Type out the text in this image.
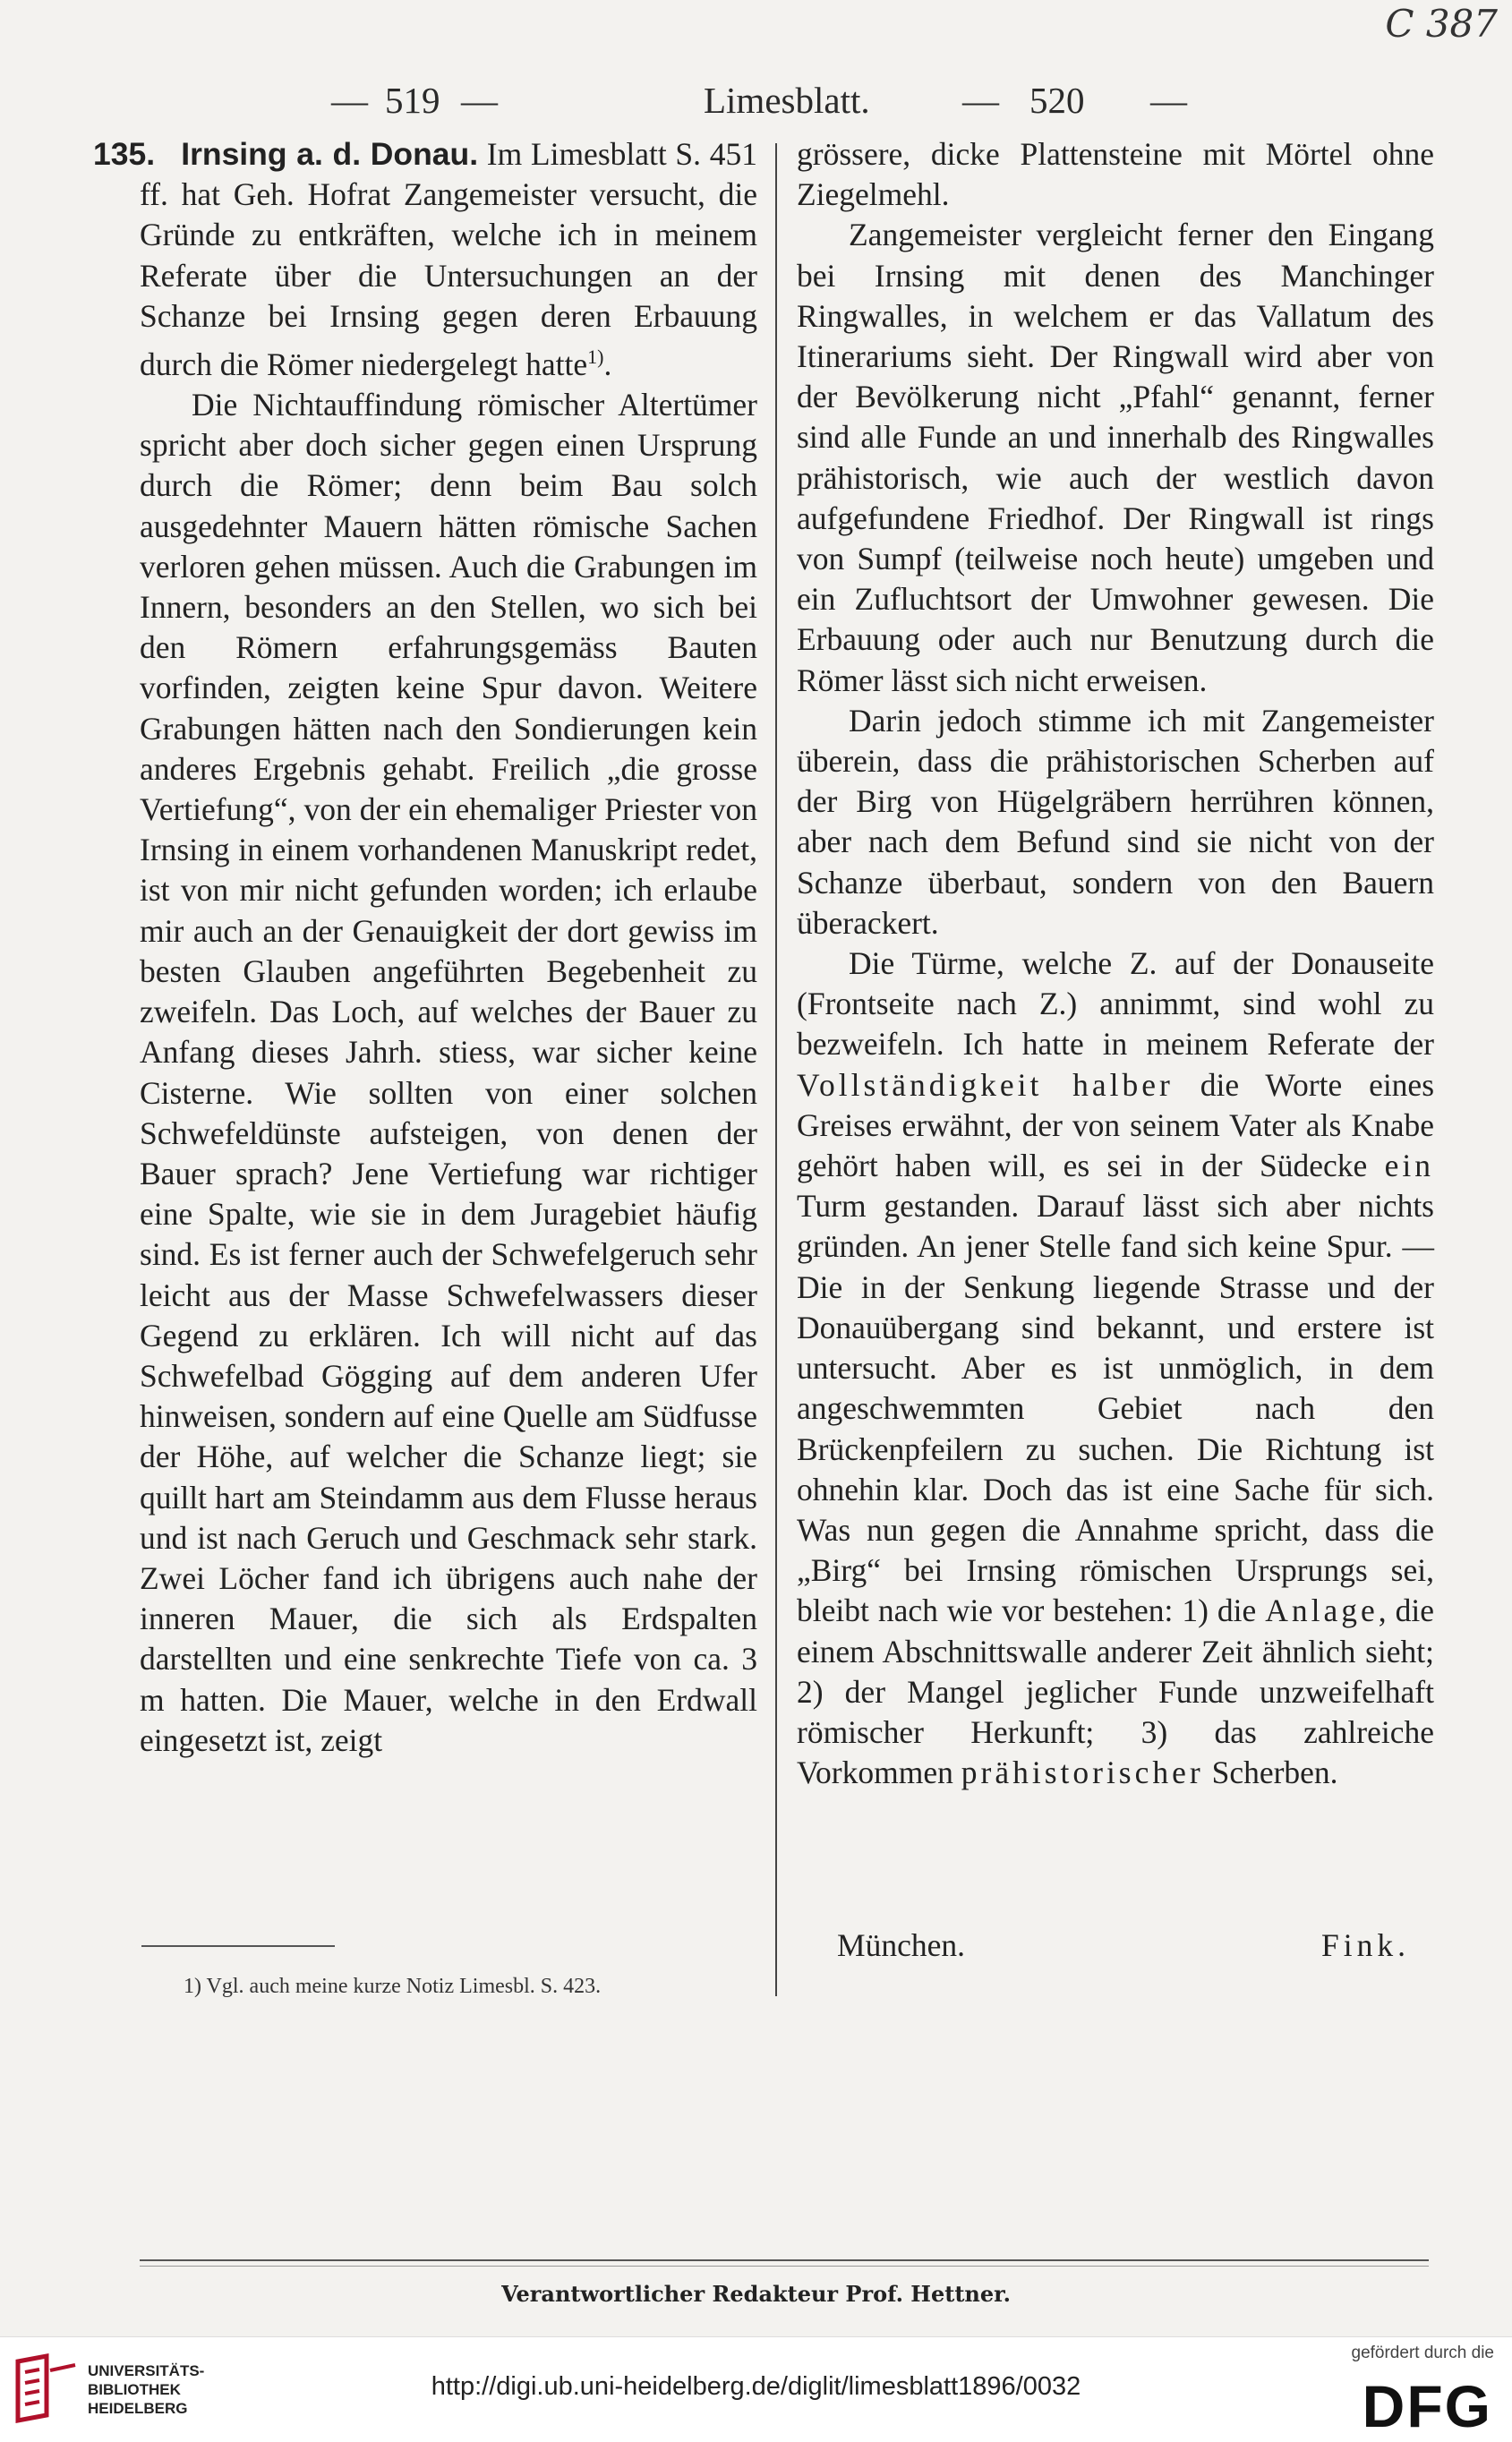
C 387
— 519 —	Limesblatt.	— 520 —

135. Irnsing a. d. Donau. Im Limesblatt S. 451 ff. hat Geh. Hofrat Zangemeister versucht, die Gründe zu entkräften, welche ich in meinem Referate über die Untersuchungen an der Schanze bei Irnsing gegen deren Erbauung durch die Römer niedergelegt hatte$^{1)}$.

Die Nichtauffindung römischer Altertümer spricht aber doch sicher gegen einen Ursprung durch die Römer; denn beim Bau solch ausgedehnter Mauern hätten römische Sachen verloren gehen müssen. Auch die Grabungen im Innern, besonders an den Stellen, wo sich bei den Römern erfahrungsgemäss Bauten vorfinden, zeigten keine Spur davon. Weitere Grabungen hätten nach den Sondierungen kein anderes Ergebnis gehabt. Freilich „die grosse Vertiefung“, von der ein ehemaliger Priester von Irnsing in einem vorhandenen Manuskript redet, ist von mir nicht gefunden worden; ich erlaube mir auch an der Genauigkeit der dort gewiss im besten Glauben angeführten Begebenheit zu zweifeln. Das Loch, auf welches der Bauer zu Anfang dieses Jahrh. stiess, war sicher keine Cisterne. Wie sollten von einer solchen Schwefeldünste aufsteigen, von denen der Bauer sprach? Jene Vertiefung war richtiger eine Spalte, wie sie in dem Juragebiet häufig sind. Es ist ferner auch der Schwefelgeruch sehr leicht aus der Masse Schwefelwassers dieser Gegend zu erklären. Ich will nicht auf das Schwefelbad Gögging auf dem anderen Ufer hinweisen, sondern auf eine Quelle am Südfusse der Höhe, auf welcher die Schanze liegt; sie quillt hart am Steindamm aus dem Flusse heraus und ist nach Geruch und Geschmack sehr stark. Zwei Löcher fand ich übrigens auch nahe der inneren Mauer, die sich als Erdspalten darstellten und eine senkrechte Tiefe von ca. 3 m hatten. Die Mauer, welche in den Erdwall eingesetzt ist, zeigt

grössere, dicke Plattensteine mit Mörtel ohne Ziegelmehl.

Zangemeister vergleicht ferner den Eingang bei Irnsing mit denen des Manchinger Ringwalles, in welchem er das Vallatum des Itinerariums sieht. Der Ringwall wird aber von der Bevölkerung nicht „Pfahl“ genannt, ferner sind alle Funde an und innerhalb des Ringwalles prähistorisch, wie auch der westlich davon aufgefundene Friedhof. Der Ringwall ist rings von Sumpf (teilweise noch heute) umgeben und ein Zufluchtsort der Umwohner gewesen. Die Erbauung oder auch nur Benutzung durch die Römer lässt sich nicht erweisen.

Darin jedoch stimme ich mit Zangemeister überein, dass die prähistorischen Scherben auf der Birg von Hügelgräbern herrühren können, aber nach dem Befund sind sie nicht von der Schanze überbaut, sondern von den Bauern überackert.

Die Türme, welche Z. auf der Donauseite (Frontseite nach Z.) annimmt, sind wohl zu bezweifeln. Ich hatte in meinem Referate der Vollständigkeit halber die Worte eines Greises erwähnt, der von seinem Vater als Knabe gehört haben will, es sei in der Südecke ein Turm gestanden. Darauf lässt sich aber nichts gründen. An jener Stelle fand sich keine Spur. — Die in der Senkung liegende Strasse und der Donauübergang sind bekannt, und erstere ist untersucht. Aber es ist unmöglich, in dem angeschwemmten Gebiet nach den Brückenpfeilern zu suchen. Die Richtung ist ohnehin klar. Doch das ist eine Sache für sich. Was nun gegen die Annahme spricht, dass die „Birg“ bei Irnsing römischen Ursprungs sei, bleibt nach wie vor bestehen: 1) die Anlage, die einem Abschnittswalle anderer Zeit ähnlich sieht; 2) der Mangel jeglicher Funde unzweifelhaft römischer Herkunft; 3) das zahlreiche Vorkommen prähistorischer Scherben.

München.	Fink.
1) Vgl. auch meine kurze Notiz Limesbl. S. 423.
Verantwortlicher Redakteur Prof. Hettner.
UNIVERSITÄTS-
BIBLIOTHEK
HEIDELBERG
http://digi.ub.uni-heidelberg.de/diglit/limesblatt1896/0032
gefördert durch die
DFG
